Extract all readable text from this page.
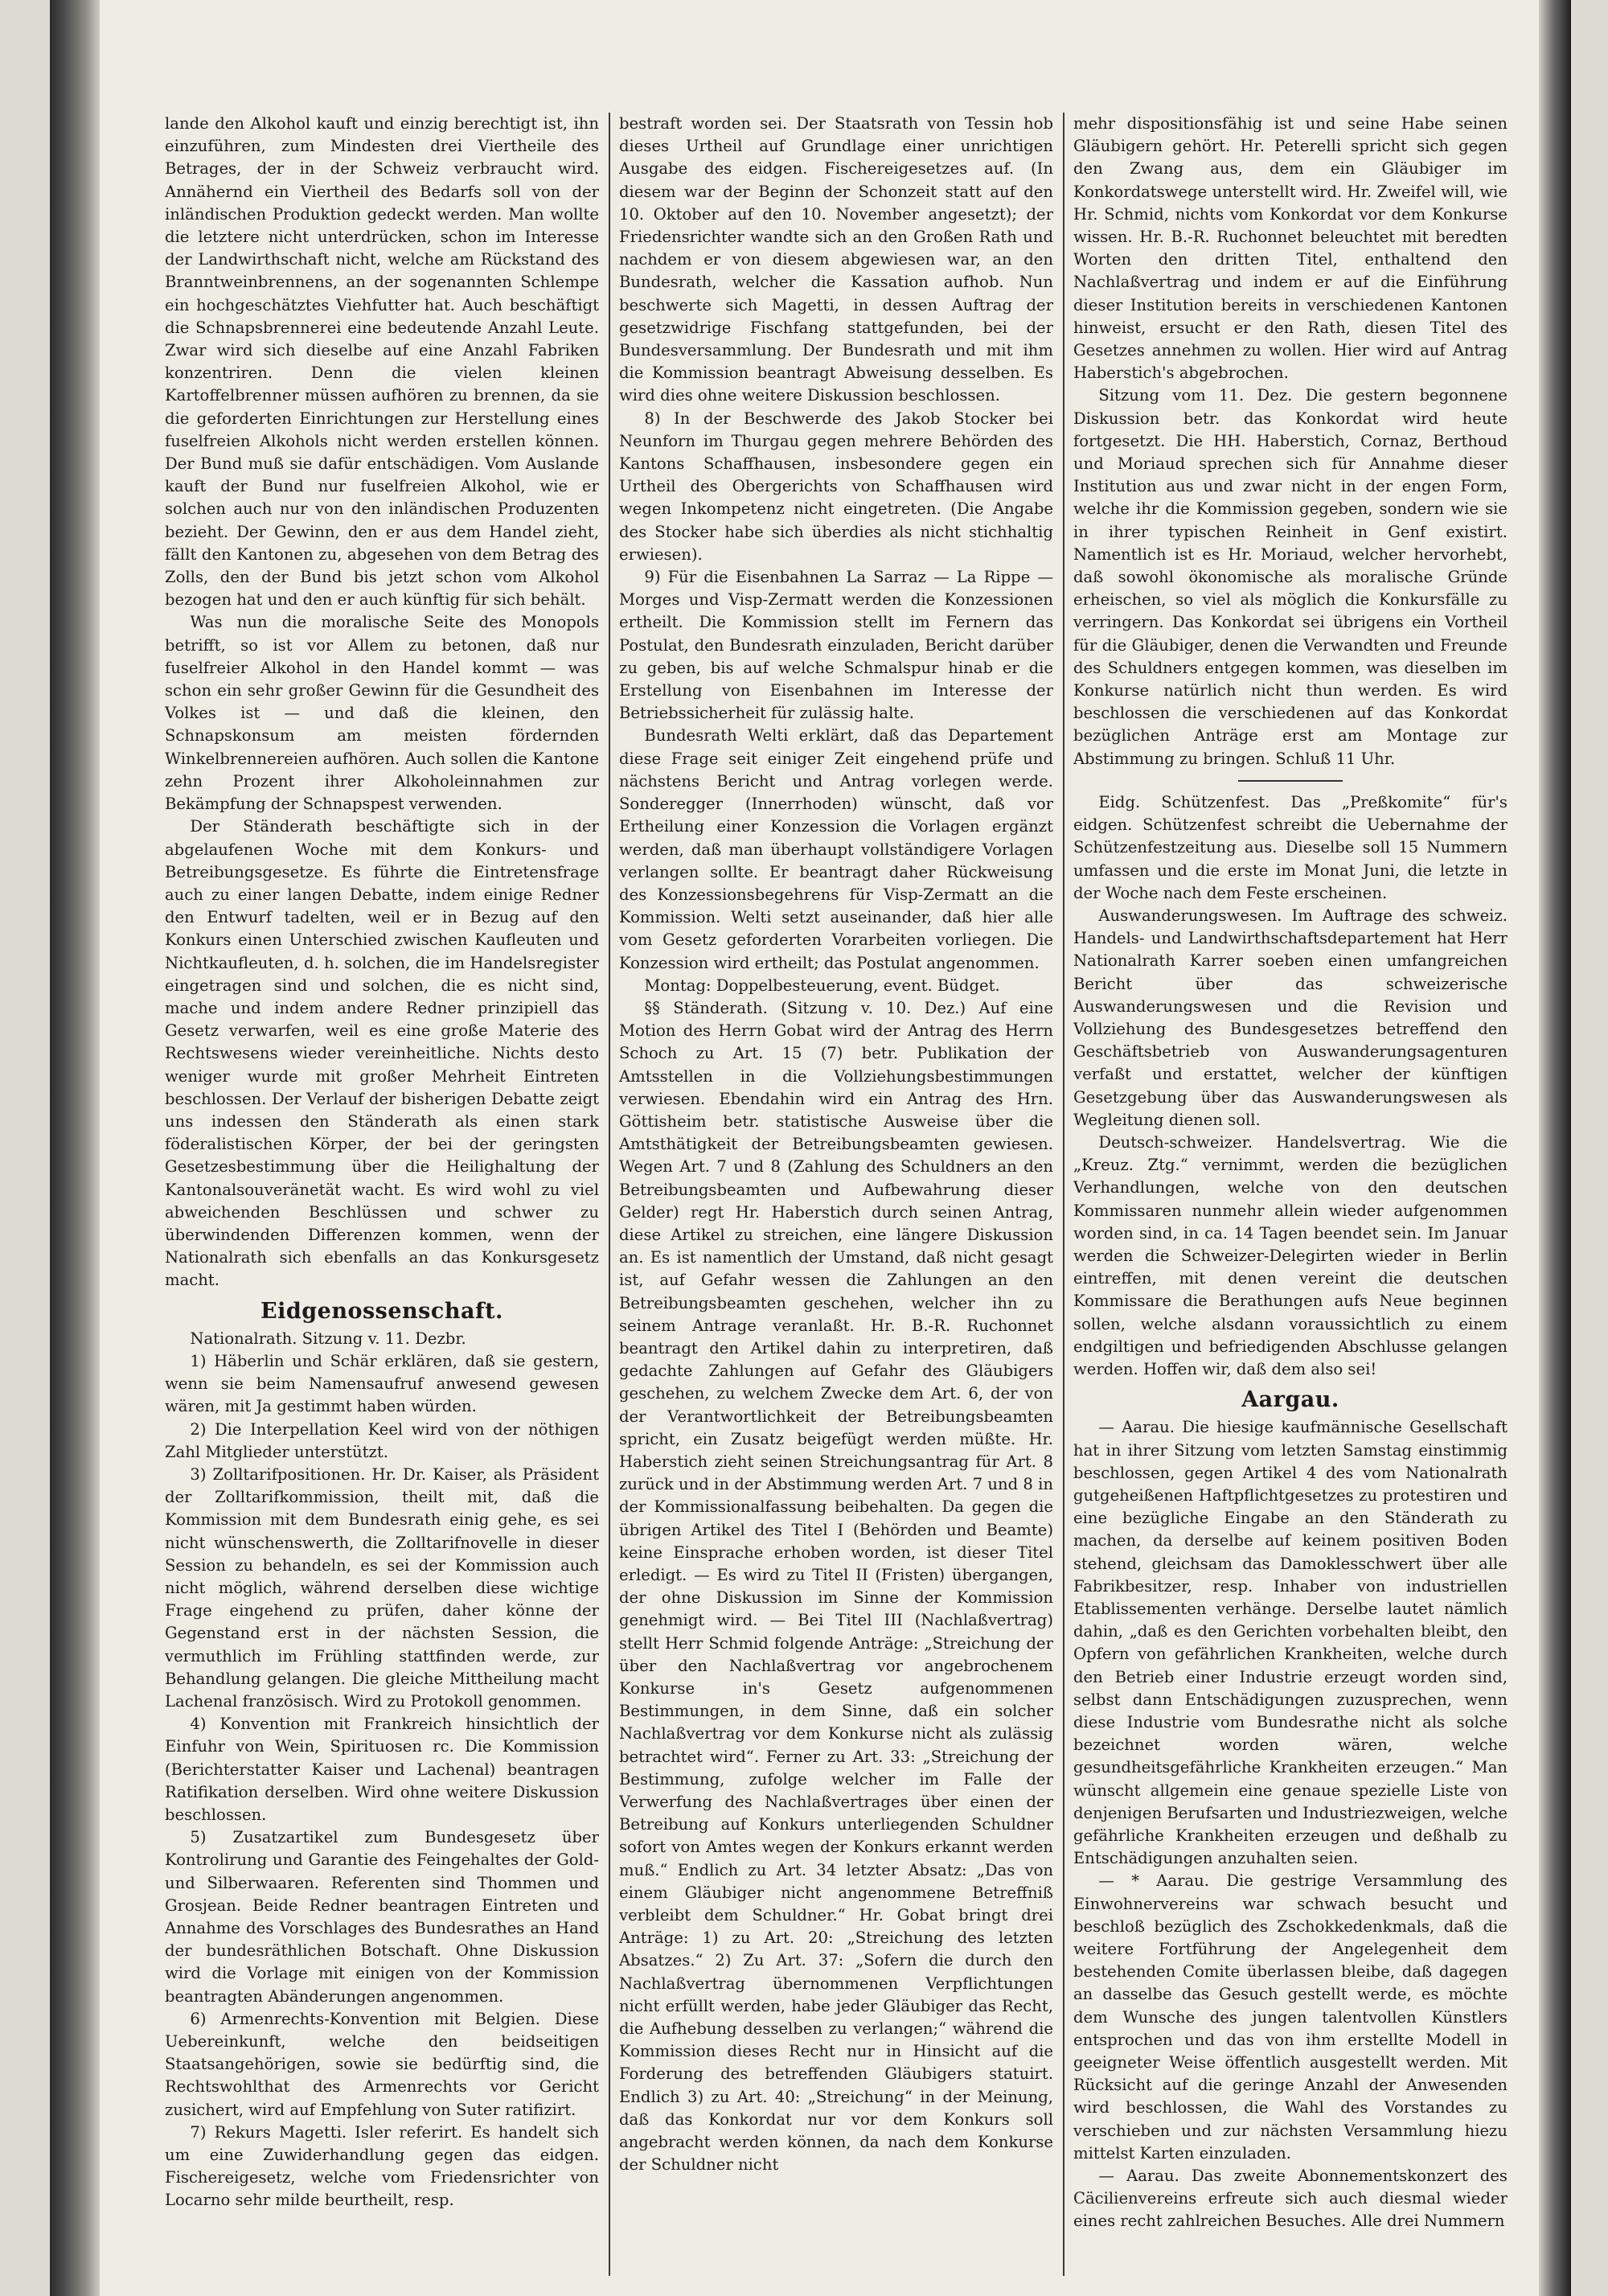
lande den Alkohol kauft und einzig berechtigt ist, ihn einzuführen, zum Mindesten drei Viertheile des Betrages, der in der Schweiz verbraucht wird. Annähernd ein Viertheil des Bedarfs soll von der inländischen Produktion gedeckt werden. Man wollte die letztere nicht unterdrücken, schon im Interesse der Landwirthschaft nicht, welche am Rückstand des Branntweinbrennens, an der sogenannten Schlempe ein hochgeschätztes Viehfutter hat. Auch beschäftigt die Schnapsbrennerei eine bedeutende Anzahl Leute. Zwar wird sich dieselbe auf eine Anzahl Fabriken konzentriren. Denn die vielen kleinen Kartoffelbrenner müssen aufhören zu brennen, da sie die geforderten Einrichtungen zur Herstellung eines fuselfreien Alkohols nicht werden erstellen können. Der Bund muß sie dafür entschädigen. Vom Auslande kauft der Bund nur fuselfreien Alkohol, wie er solchen auch nur von den inländischen Produzenten bezieht. Der Gewinn, den er aus dem Handel zieht, fällt den Kantonen zu, abgesehen von dem Betrag des Zolls, den der Bund bis jetzt schon vom Alkohol bezogen hat und den er auch künftig für sich behält.

Was nun die moralische Seite des Monopols betrifft, so ist vor Allem zu betonen, daß nur fuselfreier Alkohol in den Handel kommt — was schon ein sehr großer Gewinn für die Gesundheit des Volkes ist — und daß die kleinen, den Schnapskonsum am meisten fördernden Winkelbrennereien aufhören. Auch sollen die Kantone zehn Prozent ihrer Alkoholeinnahmen zur Bekämpfung der Schnapspest verwenden.

Der Ständerath beschäftigte sich in der abgelaufenen Woche mit dem Konkurs- und Betreibungsgesetze. Es führte die Eintretensfrage auch zu einer langen Debatte, indem einige Redner den Entwurf tadelten, weil er in Bezug auf den Konkurs einen Unterschied zwischen Kaufleuten und Nichtkaufleuten, d. h. solchen, die im Handelsregister eingetragen sind und solchen, die es nicht sind, mache und indem andere Redner prinzipiell das Gesetz verwarfen, weil es eine große Materie des Rechtswesens wieder vereinheitliche. Nichts desto weniger wurde mit großer Mehrheit Eintreten beschlossen. Der Verlauf der bisherigen Debatte zeigt uns indessen den Ständerath als einen stark föderalistischen Körper, der bei der geringsten Gesetzesbestimmung über die Heilighaltung der Kantonalsouveränetät wacht. Es wird wohl zu viel abweichenden Beschlüssen und schwer zu überwindenden Differenzen kommen, wenn der Nationalrath sich ebenfalls an das Konkursgesetz macht.

Eidgenossenschaft.

Nationalrath. Sitzung v. 11. Dezbr.

1) Häberlin und Schär erklären, daß sie gestern, wenn sie beim Namensaufruf anwesend gewesen wären, mit Ja gestimmt haben würden.

2) Die Interpellation Keel wird von der nöthigen Zahl Mitglieder unterstützt.

3) Zolltarifpositionen. Hr. Dr. Kaiser, als Präsident der Zolltarifkommission, theilt mit, daß die Kommission mit dem Bundesrath einig gehe, es sei nicht wünschenswerth, die Zolltarifnovelle in dieser Session zu behandeln, es sei der Kommission auch nicht möglich, während derselben diese wichtige Frage eingehend zu prüfen, daher könne der Gegenstand erst in der nächsten Session, die vermuthlich im Frühling stattfinden werde, zur Behandlung gelangen. Die gleiche Mittheilung macht Lachenal französisch. Wird zu Protokoll genommen.

4) Konvention mit Frankreich hinsichtlich der Einfuhr von Wein, Spirituosen rc. Die Kommission (Berichterstatter Kaiser und Lachenal) beantragen Ratifikation derselben. Wird ohne weitere Diskussion beschlossen.

5) Zusatzartikel zum Bundesgesetz über Kontrolirung und Garantie des Feingehaltes der Gold- und Silberwaaren. Referenten sind Thommen und Grosjean. Beide Redner beantragen Eintreten und Annahme des Vorschlages des Bundesrathes an Hand der bundesräthlichen Botschaft. Ohne Diskussion wird die Vorlage mit einigen von der Kommission beantragten Abänderungen angenommen.

6) Armenrechts-Konvention mit Belgien. Diese Uebereinkunft, welche den beidseitigen Staatsangehörigen, sowie sie bedürftig sind, die Rechtswohlthat des Armenrechts vor Gericht zusichert, wird auf Empfehlung von Suter ratifizirt.

7) Rekurs Magetti. Isler referirt. Es handelt sich um eine Zuwiderhandlung gegen das eidgen. Fischereigesetz, welche vom Friedensrichter von Locarno sehr milde beurtheilt, resp.

bestraft worden sei. Der Staatsrath von Tessin hob dieses Urtheil auf Grundlage einer unrichtigen Ausgabe des eidgen. Fischereigesetzes auf. (In diesem war der Beginn der Schonzeit statt auf den 10. Oktober auf den 10. November angesetzt); der Friedensrichter wandte sich an den Großen Rath und nachdem er von diesem abgewiesen war, an den Bundesrath, welcher die Kassation aufhob. Nun beschwerte sich Magetti, in dessen Auftrag der gesetzwidrige Fischfang stattgefunden, bei der Bundesversammlung. Der Bundesrath und mit ihm die Kommission beantragt Abweisung desselben. Es wird dies ohne weitere Diskussion beschlossen.

8) In der Beschwerde des Jakob Stocker bei Neunforn im Thurgau gegen mehrere Behörden des Kantons Schaffhausen, insbesondere gegen ein Urtheil des Obergerichts von Schaffhausen wird wegen Inkompetenz nicht eingetreten. (Die Angabe des Stocker habe sich überdies als nicht stichhaltig erwiesen).

9) Für die Eisenbahnen La Sarraz — La Rippe — Morges und Visp-Zermatt werden die Konzessionen ertheilt. Die Kommission stellt im Fernern das Postulat, den Bundesrath einzuladen, Bericht darüber zu geben, bis auf welche Schmalspur hinab er die Erstellung von Eisenbahnen im Interesse der Betriebssicherheit für zulässig halte.

Bundesrath Welti erklärt, daß das Departement diese Frage seit einiger Zeit eingehend prüfe und nächstens Bericht und Antrag vorlegen werde. Sonderegger (Innerrhoden) wünscht, daß vor Ertheilung einer Konzession die Vorlagen ergänzt werden, daß man überhaupt vollständigere Vorlagen verlangen sollte. Er beantragt daher Rückweisung des Konzessionsbegehrens für Visp-Zermatt an die Kommission. Welti setzt auseinander, daß hier alle vom Gesetz geforderten Vorarbeiten vorliegen. Die Konzession wird ertheilt; das Postulat angenommen.

Montag: Doppelbesteuerung, event. Büdget.

§§ Ständerath. (Sitzung v. 10. Dez.) Auf eine Motion des Herrn Gobat wird der Antrag des Herrn Schoch zu Art. 15 (7) betr. Publikation der Amtsstellen in die Vollziehungsbestimmungen verwiesen. Ebendahin wird ein Antrag des Hrn. Göttisheim betr. statistische Ausweise über die Amtsthätigkeit der Betreibungsbeamten gewiesen. Wegen Art. 7 und 8 (Zahlung des Schuldners an den Betreibungsbeamten und Aufbewahrung dieser Gelder) regt Hr. Haberstich durch seinen Antrag, diese Artikel zu streichen, eine längere Diskussion an. Es ist namentlich der Umstand, daß nicht gesagt ist, auf Gefahr wessen die Zahlungen an den Betreibungsbeamten geschehen, welcher ihn zu seinem Antrage veranlaßt. Hr. B.-R. Ruchonnet beantragt den Artikel dahin zu interpretiren, daß gedachte Zahlungen auf Gefahr des Gläubigers geschehen, zu welchem Zwecke dem Art. 6, der von der Verantwortlichkeit der Betreibungsbeamten spricht, ein Zusatz beigefügt werden müßte. Hr. Haberstich zieht seinen Streichungsantrag für Art. 8 zurück und in der Abstimmung werden Art. 7 und 8 in der Kommissionalfassung beibehalten. Da gegen die übrigen Artikel des Titel I (Behörden und Beamte) keine Einsprache erhoben worden, ist dieser Titel erledigt. — Es wird zu Titel II (Fristen) übergangen, der ohne Diskussion im Sinne der Kommission genehmigt wird. — Bei Titel III (Nachlaßvertrag) stellt Herr Schmid folgende Anträge: „Streichung der über den Nachlaßvertrag vor angebrochenem Konkurse in's Gesetz aufgenommenen Bestimmungen, in dem Sinne, daß ein solcher Nachlaßvertrag vor dem Konkurse nicht als zulässig betrachtet wird“. Ferner zu Art. 33: „Streichung der Bestimmung, zufolge welcher im Falle der Verwerfung des Nachlaßvertrages über einen der Betreibung auf Konkurs unterliegenden Schuldner sofort von Amtes wegen der Konkurs erkannt werden muß.“ Endlich zu Art. 34 letzter Absatz: „Das von einem Gläubiger nicht angenommene Betreffniß verbleibt dem Schuldner.“ Hr. Gobat bringt drei Anträge: 1) zu Art. 20: „Streichung des letzten Absatzes.“ 2) Zu Art. 37: „Sofern die durch den Nachlaßvertrag übernommenen Verpflichtungen nicht erfüllt werden, habe jeder Gläubiger das Recht, die Aufhebung desselben zu verlangen;“ während die Kommission dieses Recht nur in Hinsicht auf die Forderung des betreffenden Gläubigers statuirt. Endlich 3) zu Art. 40: „Streichung“ in der Meinung, daß das Konkordat nur vor dem Konkurs soll angebracht werden können, da nach dem Konkurse der Schuldner nicht

mehr dispositionsfähig ist und seine Habe seinen Gläubigern gehört. Hr. Peterelli spricht sich gegen den Zwang aus, dem ein Gläubiger im Konkordatswege unterstellt wird. Hr. Zweifel will, wie Hr. Schmid, nichts vom Konkordat vor dem Konkurse wissen. Hr. B.-R. Ruchonnet beleuchtet mit beredten Worten den dritten Titel, enthaltend den Nachlaßvertrag und indem er auf die Einführung dieser Institution bereits in verschiedenen Kantonen hinweist, ersucht er den Rath, diesen Titel des Gesetzes annehmen zu wollen. Hier wird auf Antrag Haberstich's abgebrochen.

Sitzung vom 11. Dez. Die gestern begonnene Diskussion betr. das Konkordat wird heute fortgesetzt. Die HH. Haberstich, Cornaz, Berthoud und Moriaud sprechen sich für Annahme dieser Institution aus und zwar nicht in der engen Form, welche ihr die Kommission gegeben, sondern wie sie in ihrer typischen Reinheit in Genf existirt. Namentlich ist es Hr. Moriaud, welcher hervorhebt, daß sowohl ökonomische als moralische Gründe erheischen, so viel als möglich die Konkursfälle zu verringern. Das Konkordat sei übrigens ein Vortheil für die Gläubiger, denen die Verwandten und Freunde des Schuldners entgegen kommen, was dieselben im Konkurse natürlich nicht thun werden. Es wird beschlossen die verschiedenen auf das Konkordat bezüglichen Anträge erst am Montage zur Abstimmung zu bringen. Schluß 11 Uhr.

Eidg. Schützenfest. Das „Preßkomite“ für's eidgen. Schützenfest schreibt die Uebernahme der Schützenfestzeitung aus. Dieselbe soll 15 Nummern umfassen und die erste im Monat Juni, die letzte in der Woche nach dem Feste erscheinen.

Auswanderungswesen. Im Auftrage des schweiz. Handels- und Landwirthschaftsdepartement hat Herr Nationalrath Karrer soeben einen umfangreichen Bericht über das schweizerische Auswanderungswesen und die Revision und Vollziehung des Bundesgesetzes betreffend den Geschäftsbetrieb von Auswanderungsagenturen verfaßt und erstattet, welcher der künftigen Gesetzgebung über das Auswanderungswesen als Wegleitung dienen soll.

Deutsch-schweizer. Handelsvertrag. Wie die „Kreuz. Ztg.“ vernimmt, werden die bezüglichen Verhandlungen, welche von den deutschen Kommissaren nunmehr allein wieder aufgenommen worden sind, in ca. 14 Tagen beendet sein. Im Januar werden die Schweizer-Delegirten wieder in Berlin eintreffen, mit denen vereint die deutschen Kommissare die Berathungen aufs Neue beginnen sollen, welche alsdann voraussichtlich zu einem endgiltigen und befriedigenden Abschlusse gelangen werden. Hoffen wir, daß dem also sei!

Aargau.

— Aarau. Die hiesige kaufmännische Gesellschaft hat in ihrer Sitzung vom letzten Samstag einstimmig beschlossen, gegen Artikel 4 des vom Nationalrath gutgeheißenen Haftpflichtgesetzes zu protestiren und eine bezügliche Eingabe an den Ständerath zu machen, da derselbe auf keinem positiven Boden stehend, gleichsam das Damoklesschwert über alle Fabrikbesitzer, resp. Inhaber von industriellen Etablissementen verhänge. Derselbe lautet nämlich dahin, „daß es den Gerichten vorbehalten bleibt, den Opfern von gefährlichen Krankheiten, welche durch den Betrieb einer Industrie erzeugt worden sind, selbst dann Entschädigungen zuzusprechen, wenn diese Industrie vom Bundesrathe nicht als solche bezeichnet worden wären, welche gesundheitsgefährliche Krankheiten erzeugen.“ Man wünscht allgemein eine genaue spezielle Liste von denjenigen Berufsarten und Industriezweigen, welche gefährliche Krankheiten erzeugen und deßhalb zu Entschädigungen anzuhalten seien.

— * Aarau. Die gestrige Versammlung des Einwohnervereins war schwach besucht und beschloß bezüglich des Zschokkedenkmals, daß die weitere Fortführung der Angelegenheit dem bestehenden Comite überlassen bleibe, daß dagegen an dasselbe das Gesuch gestellt werde, es möchte dem Wunsche des jungen talentvollen Künstlers entsprochen und das von ihm erstellte Modell in geeigneter Weise öffentlich ausgestellt werden. Mit Rücksicht auf die geringe Anzahl der Anwesenden wird beschlossen, die Wahl des Vorstandes zu verschieben und zur nächsten Versammlung hiezu mittelst Karten einzuladen.

— Aarau. Das zweite Abonnementskonzert des Cäcilienvereins erfreute sich auch diesmal wieder eines recht zahlreichen Besuches. Alle drei Nummern
